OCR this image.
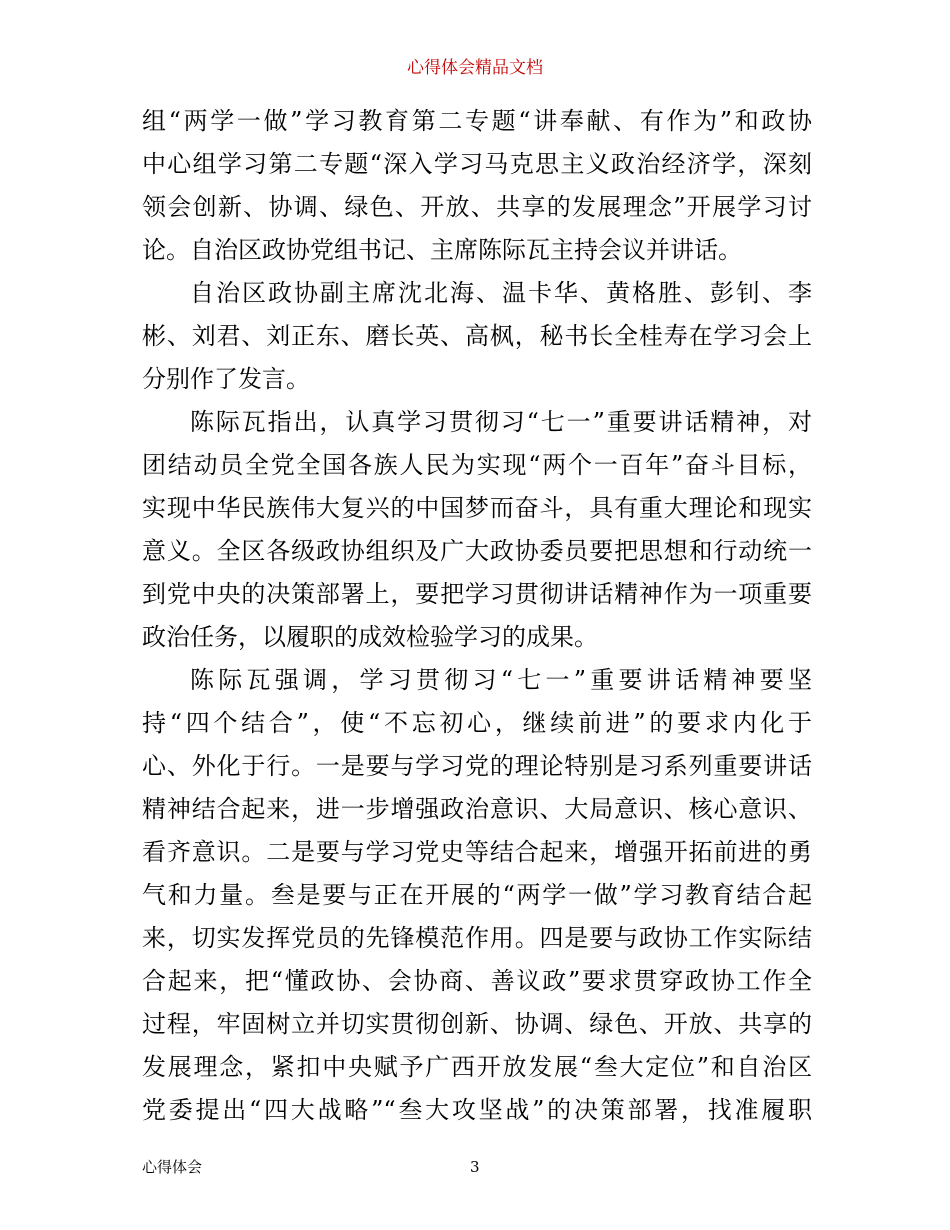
心得体会精品文档
组“两学一做”学习教育第二专题“讲奉献、有作为”和政协
中心组学习第二专题“深入学习马克思主义政治经济学，深刻
领会创新、协调、绿色、开放、共享的发展理念”开展学习讨
论。自治区政协党组书记、主席陈际瓦主持会议并讲话。
自治区政协副主席沈北海、温卡华、黄格胜、彭钊、李
彬、刘君、刘正东、磨长英、高枫，秘书长全桂寿在学习会上
分别作了发言。
陈际瓦指出，认真学习贯彻习“七一”重要讲话精神，对
团结动员全党全国各族人民为实现“两个一百年”奋斗目标，
实现中华民族伟大复兴的中国梦而奋斗，具有重大理论和现实
意义。全区各级政协组织及广大政协委员要把思想和行动统一
到党中央的决策部署上，要把学习贯彻讲话精神作为一项重要
政治任务，以履职的成效检验学习的成果。
陈际瓦强调，学习贯彻习“七一”重要讲话精神要坚
持“四个结合”，使“不忘初心，继续前进”的要求内化于
心、外化于行。一是要与学习党的理论特别是习系列重要讲话
精神结合起来，进一步增强政治意识、大局意识、核心意识、
看齐意识。二是要与学习党史等结合起来，增强开拓前进的勇
气和力量。叁是要与正在开展的“两学一做”学习教育结合起
来，切实发挥党员的先锋模范作用。四是要与政协工作实际结
合起来，把“懂政协、会协商、善议政”要求贯穿政协工作全
过程，牢固树立并切实贯彻创新、协调、绿色、开放、共享的
发展理念，紧扣中央赋予广西开放发展“叁大定位”和自治区
党委提出“四大战略”“叁大攻坚战”的决策部署，找准履职
心得体会	3
